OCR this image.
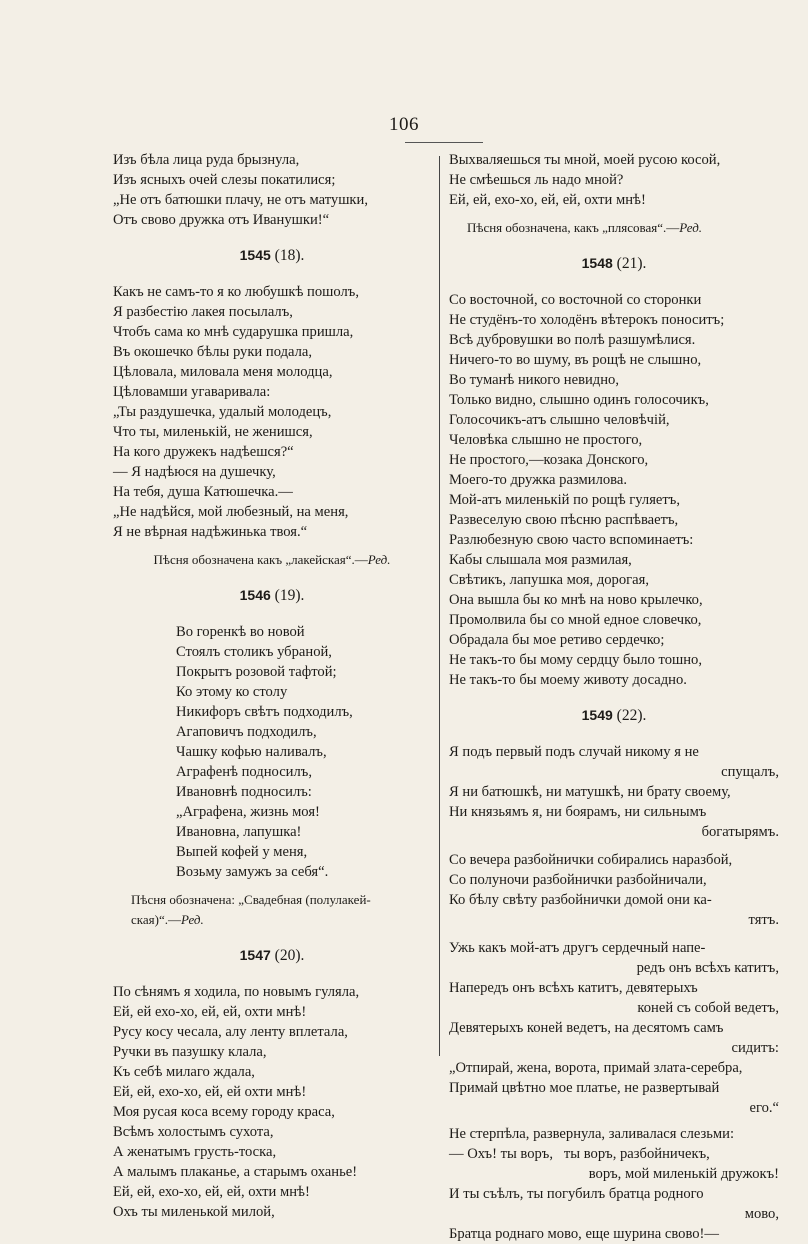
106
Изъ бѣла лица руда брызнула,
Изъ ясныхъ очей слезы покатилися;
„Не отъ батюшки плачу, не отъ матушки,
Отъ свово дружка отъ Иванушки!“
1545 (18).
Какъ не самъ-то я ко любушкѣ пошолъ,
Я разбестію лакея посылалъ,
Чтобъ сама ко мнѣ сударушка пришла,
Въ окошечко бѣлы руки подала,
Цѣловала, миловала меня молодца,
Цѣловамши угаваривала:
„Ты раздушечка, удалый молодецъ,
Что ты, миленькій, не женишся,
На кого дружекъ надѣешся?“
— Я надѣюся на душечку,
На тебя, душа Катюшечка.—
„Не надѣйся, мой любезный, на меня,
Я не вѣрная надѣжинька твоя.“
Пѣсня обозначена какъ „лакейская“.—Ред.
1546 (19).
Во горенкѣ во новой
Стоялъ столикъ убраной,
Покрытъ розовой тафтой;
Ко этому ко столу
Никифоръ свѣтъ подходилъ,
Агаповичъ подходилъ,
Чашку кофью наливалъ,
Аграфенѣ подносилъ,
Ивановнѣ подносилъ:
„Аграфена, жизнь моя!
Ивановна, лапушка!
Выпей кофей у меня,
Возьму замужъ за себя“.
Пѣсня обозначена: „Свадебная (полулакей-
ская)“.—Ред.
1547 (20).
По сѣнямъ я ходила, по новымъ гуляла,
Ей, ей ехо-хо, ей, ей, охти мнѣ!
Русу косу чесала, алу ленту вплетала,
Ручки въ пазушку клала,
Къ себѣ милаго ждала,
Ей, ей, ехо-хо, ей, ей охти мнѣ!
Моя русая коса всему городу краса,
Всѣмъ холостымъ сухота,
А женатымъ грусть-тоска,
А малымъ плаканье, а старымъ оханье!
Ей, ей, ехо-хо, ей, ей, охти мнѣ!
Охъ ты миленькой милой,
Выхваляешься ты мной, моей русою косой,
Не смѣешься ль надо мной?
Ей, ей, ехо-хо, ей, ей, охти мнѣ!
Пѣсня обозначена, какъ „плясовая“.—Ред.
1548 (21).
Со восточной, со восточной со сторонки
Не студёнъ-то холодёнъ вѣтерокъ поноситъ;
Всѣ дубровушки во полѣ разшумѣлися.
Ничего-то во шуму, въ рощѣ не слышно,
Во туманѣ никого невидно,
Только видно, слышно одинъ голосочикъ,
Голосочикъ-атъ слышно человѣчій,
Человѣка слышно не простого,
Не простого,—козака Донского,
Моего-то дружка размилова.
Мой-атъ миленькій по рощѣ гуляетъ,
Развеселую свою пѣсню распѣваетъ,
Разлюбезную свою часто вспоминаетъ:
Кабы слышала моя размилая,
Свѣтикъ, лапушка моя, дорогая,
Она вышла бы ко мнѣ на ново крылечко,
Промолвила бы со мной едное словечко,
Обрадала бы мое ретиво сердечко;
Не такъ-то бы мому сердцу было тошно,
Не такъ-то бы моему животу досадно.
1549 (22).
Я подъ первый подъ случай никому я не
спущалъ,
Я ни батюшкѣ, ни матушкѣ, ни брату своему,
Ни князьямъ я, ни боярамъ, ни сильнымъ
богатырямъ.
Со вечера разбойнички собирались наразбой,
Со полуночи разбойнички разбойничали,
Ко бѣлу свѣту разбойнички домой они ка-
тятъ.
Ужь какъ мой-атъ другъ сердечный напе-
редъ онъ всѣхъ катитъ,
Напередъ онъ всѣхъ катитъ, девятерыхъ
коней съ собой ведетъ,
Девятерыхъ коней ведетъ, на десятомъ самъ
сидитъ:
„Отпирай, жена, ворота, примай злата-серебра,
Примай цвѣтно мое платье, не развертывай
его.“
Не стерпѣла, развернула, заливалася слезьми:
— Охъ! ты воръ,   ты воръ, разбойничекъ,
воръ, мой миленькій дружокъ!
И ты съѣлъ, ты погубилъ братца родного
мово,
Братца роднаго мово, еще шурина свово!—
